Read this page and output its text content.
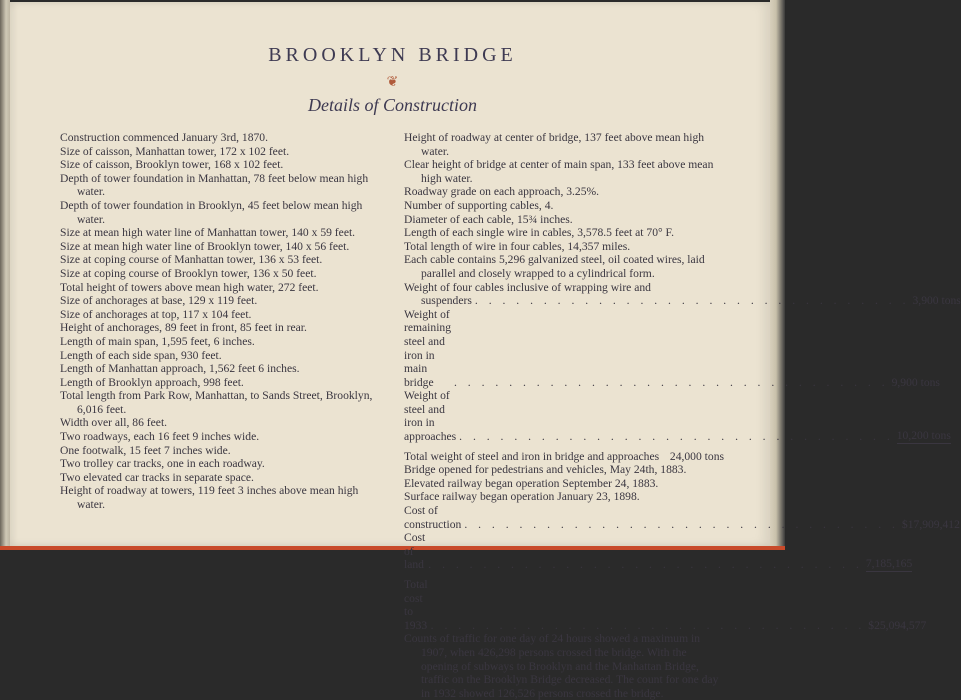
BROOKLYN BRIDGE
❦
Details of Construction

Construction commenced January 3rd, 1870.

Size of caisson, Manhattan tower, 172 x 102 feet.

Size of caisson, Brooklyn tower, 168 x 102 feet.

Depth of tower foundation in Manhattan, 78 feet below mean high water.

Depth of tower foundation in Brooklyn, 45 feet below mean high water.

Size at mean high water line of Manhattan tower, 140 x 59 feet.

Size at mean high water line of Brooklyn tower, 140 x 56 feet.

Size at coping course of Manhattan tower, 136 x 53 feet.

Size at coping course of Brooklyn tower, 136 x 50 feet.

Total height of towers above mean high water, 272 feet.

Size of anchorages at base, 129 x 119 feet.

Size of anchorages at top, 117 x 104 feet.

Height of anchorages, 89 feet in front, 85 feet in rear.

Length of main span, 1,595 feet, 6 inches.

Length of each side span, 930 feet.

Length of Manhattan approach, 1,562 feet 6 inches.

Length of Brooklyn approach, 998 feet.

Total length from Park Row, Manhattan, to Sands Street, Brooklyn, 6,016 feet.

Width over all, 86 feet.

Two roadways, each 16 feet 9 inches wide.

One footwalk, 15 feet 7 inches wide.

Two trolley car tracks, one in each roadway.

Two elevated car tracks in separate space.

Height of roadway at towers, 119 feet 3 inches above mean high water.

Height of roadway at center of bridge, 137 feet above mean high water.

Clear height of bridge at center of main span, 133 feet above mean high water.

Roadway grade on each approach, 3.25%.

Number of supporting cables, 4.

Diameter of each cable, 15¾ inches.

Length of each single wire in cables, 3,578.5 feet at 70° F.

Total length of wire in four cables, 14,357 miles.

Each cable contains 5,296 galvanized steel, oil coated wires, laid parallel and closely wrapped to a cylindrical form.

Weight of four cables inclusive of wrapping wire and

suspenders . . . . . . . . . . . . . . . . . . . . . . . . . . . . . . . . 3,900 tons
Weight of remaining steel and iron in main bridge	. . . . . . . . . . . . . . . . . . . . . . . . . . . . . . . . 9,900 tons
Weight of steel and iron in approaches . . . . . . . . . . . . . . . . . . . . . . . . . . . . . . . . 10,200 tons
Total weight of steel and iron in bridge and approaches 24,000 tons

Bridge opened for pedestrians and vehicles, May 24th, 1883.

Elevated railway began operation September 24, 1883.

Surface railway began operation January 23, 1898.

Cost of construction . . . . . . . . . . . . . . . . . . . . . . . . . . . . . . . . $17,909,412
Cost of land . . . . . . . . . . . . . . . . . . . . . . . . . . . . . . . . 7,185,165
Total cost to 1933 . . . . . . . . . . . . . . . . . . . . . . . . . . . . . . . . $25,094,577

Counts of traffic for one day of 24 hours showed a maximum in 1907, when 426,298 persons crossed the bridge. With the opening of subways to Brooklyn and the Manhattan Bridge, traffic on the Brooklyn Bridge decreased. The count for one day in 1932 showed 126,526 persons crossed the bridge.
